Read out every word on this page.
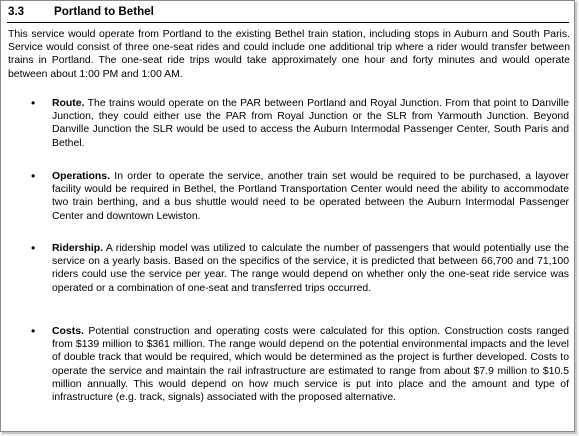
3.3	Portland to Bethel

This service would operate from Portland to the existing Bethel train station, including stops in Auburn and South Paris. Service would consist of three one-seat rides and could include one additional trip where a rider would transfer between trains in Portland. The one-seat ride trips would take approximately one hour and forty minutes and would operate between about 1:00 PM and 1:00 AM.

• Route. The trains would operate on the PAR between Portland and Royal Junction. From that point to Danville Junction, they could either use the PAR from Royal Junction or the SLR from Yarmouth Junction. Beyond Danville Junction the SLR would be used to access the Auburn Intermodal Passenger Center, South Paris and Bethel.

• Operations. In order to operate the service, another train set would be required to be purchased, a layover facility would be required in Bethel, the Portland Transportation Center would need the ability to accommodate two train berthing, and a bus shuttle would need to be operated between the Auburn Intermodal Passenger Center and downtown Lewiston.

• Ridership. A ridership model was utilized to calculate the number of passengers that would potentially use the service on a yearly basis. Based on the specifics of the service, it is predicted that between 66,700 and 71,100 riders could use the service per year. The range would depend on whether only the one-seat ride service was operated or a combination of one-seat and transferred trips occurred.

• Costs. Potential construction and operating costs were calculated for this option. Construction costs ranged from $139 million to $361 million. The range would depend on the potential environmental impacts and the level of double track that would be required, which would be determined as the project is further developed. Costs to operate the service and maintain the rail infrastructure are estimated to range from about $7.9 million to $10.5 million annually. This would depend on how much service is put into place and the amount and type of infrastructure (e.g. track, signals) associated with the proposed alternative.
